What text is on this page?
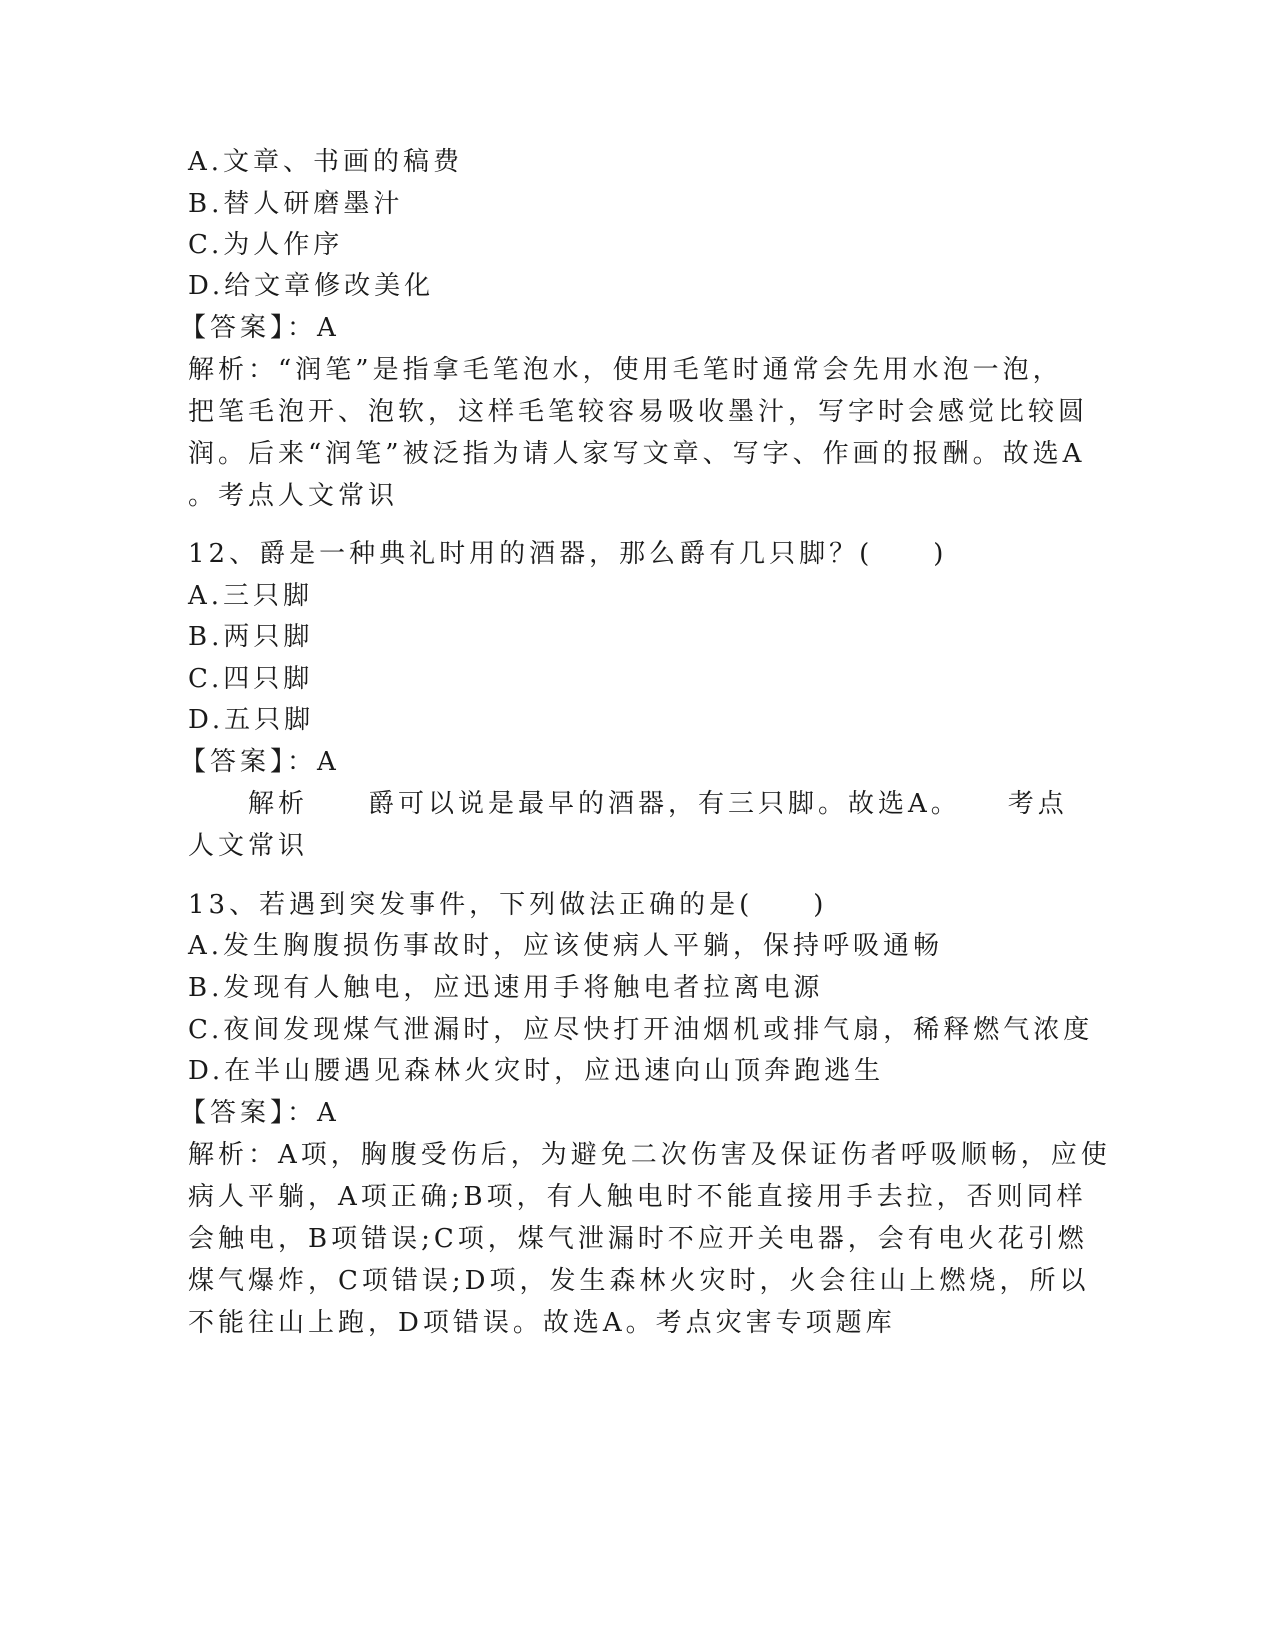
A.文章、书画的稿费
B.替人研磨墨汁
C.为人作序
D.给文章修改美化
【答案】：A
解析：“润笔”是指拿毛笔泡水，使用毛笔时通常会先用水泡一泡，
把笔毛泡开、泡软，这样毛笔较容易吸收墨汁，写字时会感觉比较圆
润。后来“润笔”被泛指为请人家写文章、写字、作画的报酬。故选A
。考点人文常识
12、爵是一种典礼时用的酒器，那么爵有几只脚？(　　)
A.三只脚
B.两只脚
C.四只脚
D.五只脚
【答案】：A
　　解析　　爵可以说是最早的酒器，有三只脚。故选A。　　考点
人文常识
13、若遇到突发事件，下列做法正确的是(　　)
A.发生胸腹损伤事故时，应该使病人平躺，保持呼吸通畅
B.发现有人触电，应迅速用手将触电者拉离电源
C.夜间发现煤气泄漏时，应尽快打开油烟机或排气扇，稀释燃气浓度
D.在半山腰遇见森林火灾时，应迅速向山顶奔跑逃生
【答案】：A
解析：A项，胸腹受伤后，为避免二次伤害及保证伤者呼吸顺畅，应使
病人平躺，A项正确;B项，有人触电时不能直接用手去拉，否则同样
会触电，B项错误;C项，煤气泄漏时不应开关电器，会有电火花引燃
煤气爆炸，C项错误;D项，发生森林火灾时，火会往山上燃烧，所以
不能往山上跑，D项错误。故选A。考点灾害专项题库
